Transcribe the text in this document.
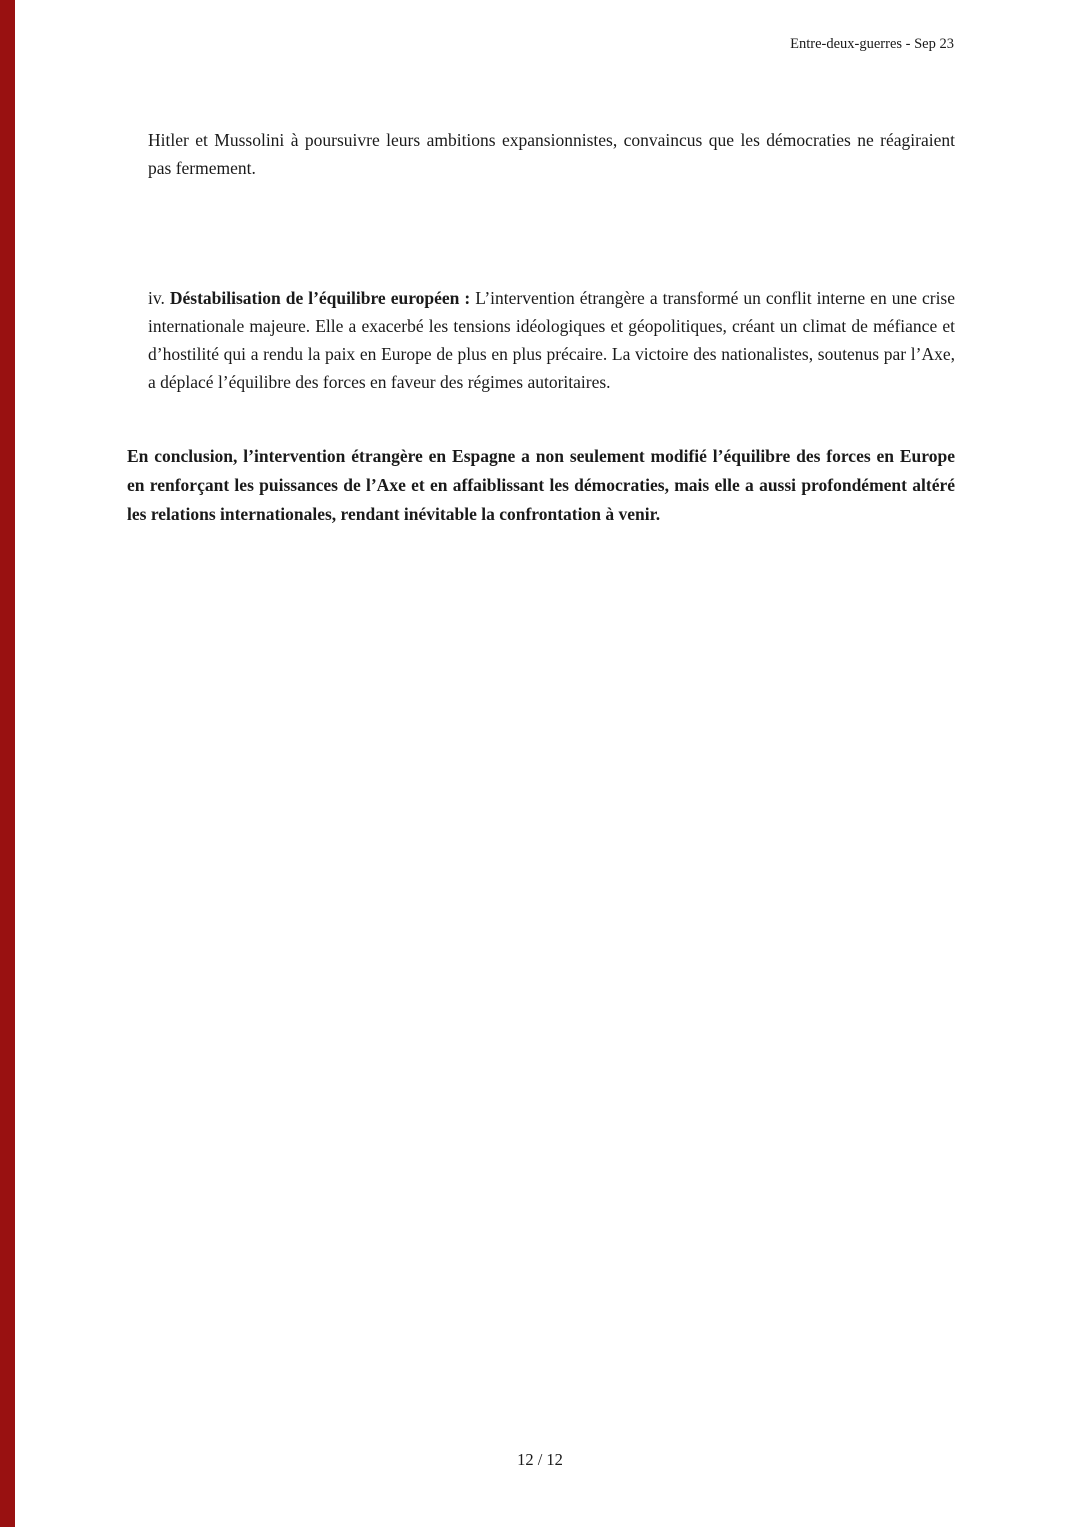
Entre-deux-guerres - Sep 23

Hitler et Mussolini à poursuivre leurs ambitions expansionnistes, convaincus que les démocraties ne réagiraient pas fermement.

iv. Déstabilisation de l’équilibre européen : L’intervention étrangère a transformé un conflit interne en une crise internationale majeure. Elle a exacerbé les tensions idéologiques et géopolitiques, créant un climat de méfiance et d’hostilité qui a rendu la paix en Europe de plus en plus précaire. La victoire des nationalistes, soutenus par l’Axe, a déplacé l’équilibre des forces en faveur des régimes autoritaires.

En conclusion, l’intervention étrangère en Espagne a non seulement modifié l’équilibre des forces en Europe en renforçant les puissances de l’Axe et en affaiblissant les démocraties, mais elle a aussi profondément altéré les relations internationales, rendant inévitable la confrontation à venir.

12 / 12
